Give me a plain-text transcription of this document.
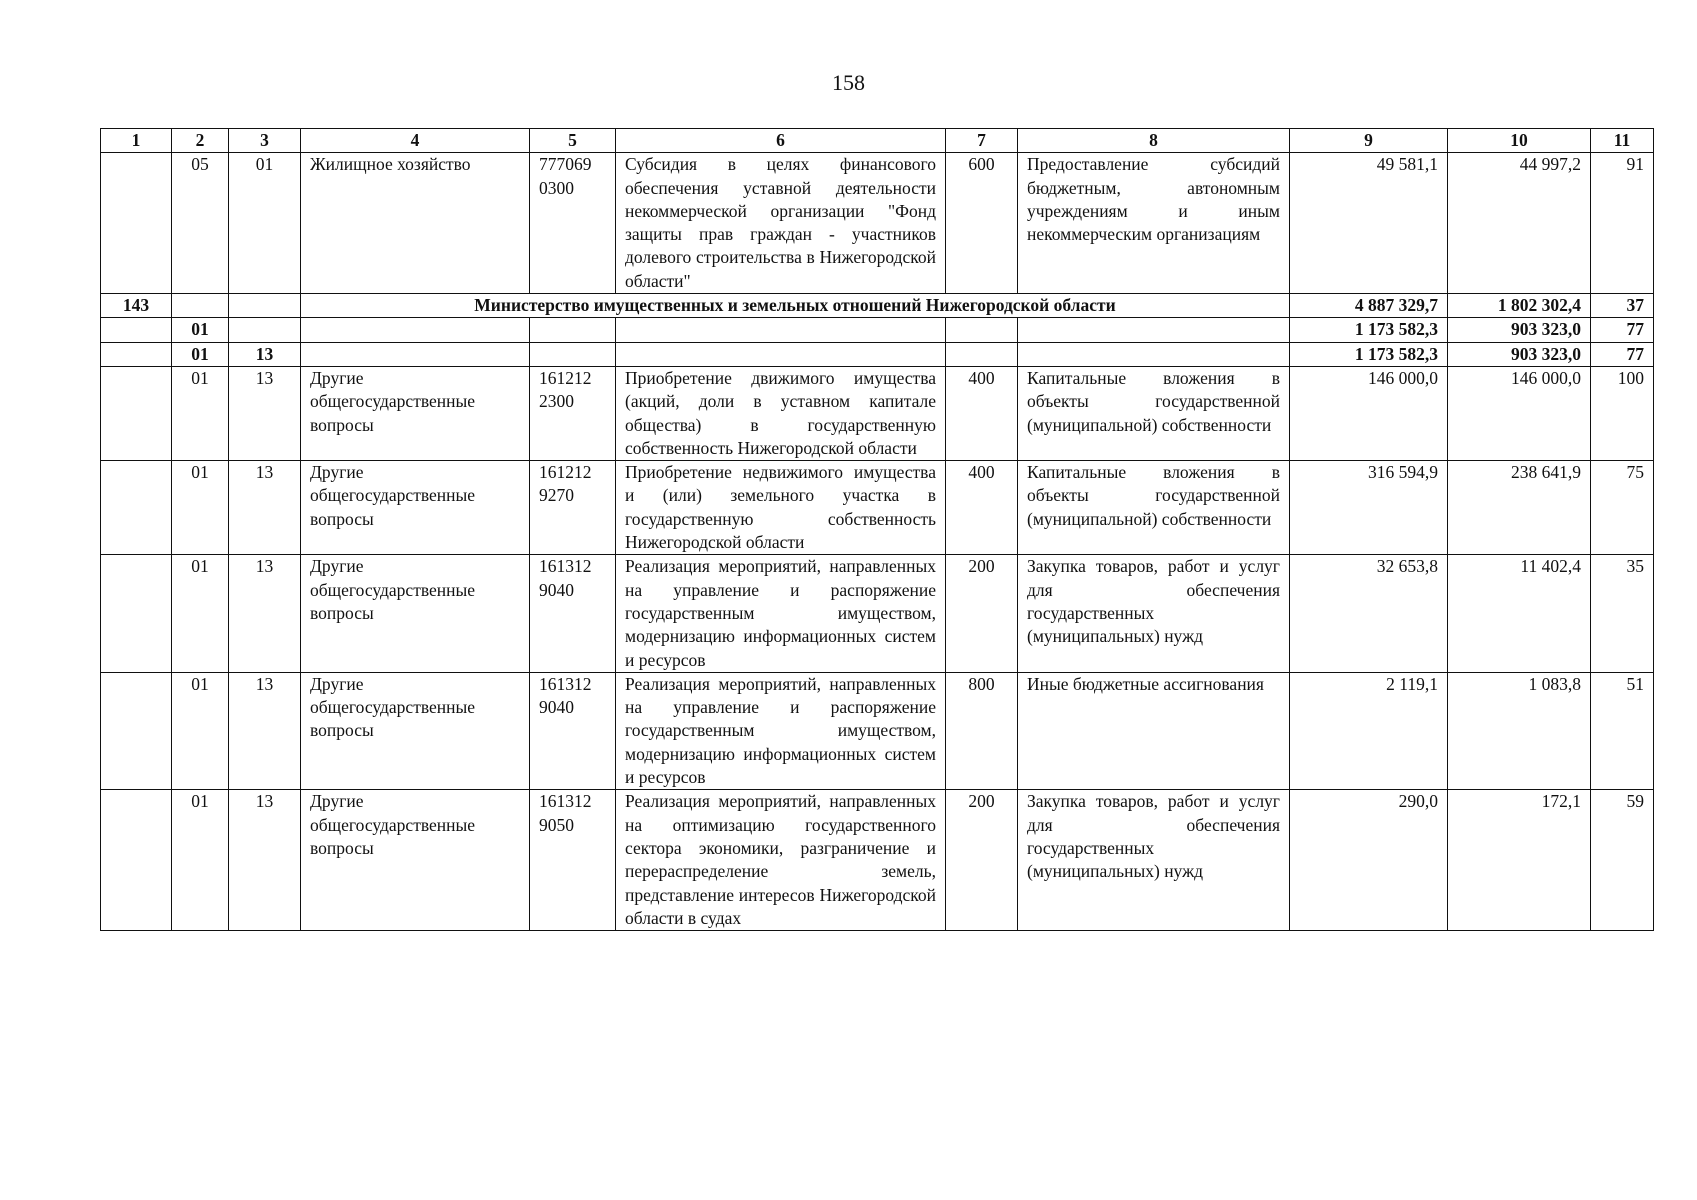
158
1	2	3	4	5	6	7	8	9	10	11
	05	01	Жилищное хозяйство	777069 0300	Субсидия в целях финансового обеспечения уставной деятельности некоммерческой организации "Фонд защиты прав граждан - участников долевого строительства в Нижегородской области"	600	Предоставление субсидий бюджетным, автономным учреждениям и иным некоммерческим организациям	49 581,1	44 997,2	91
143			Министерство имущественных и земельных отношений Нижегородской области					4 887 329,7	1 802 302,4	37
	01							1 173 582,3	903 323,0	77
	01	13						1 173 582,3	903 323,0	77
	01	13	Другие общегосударственные вопросы	161212 2300	Приобретение движимого имущества (акций, доли в уставном капитале общества) в государственную собственность Нижегородской области	400	Капитальные вложения в объекты государственной (муниципальной) собственности	146 000,0	146 000,0	100
	01	13	Другие общегосударственные вопросы	161212 9270	Приобретение недвижимого имущества и (или) земельного участка в государственную собственность Нижегородской области	400	Капитальные вложения в объекты государственной (муниципальной) собственности	316 594,9	238 641,9	75
	01	13	Другие общегосударственные вопросы	161312 9040	Реализация мероприятий, направленных на управление и распоряжение государственным имуществом, модернизацию информационных систем и ресурсов	200	Закупка товаров, работ и услуг для обеспечения государственных (муниципальных) нужд	32 653,8	11 402,4	35
	01	13	Другие общегосударственные вопросы	161312 9040	Реализация мероприятий, направленных на управление и распоряжение государственным имуществом, модернизацию информационных систем и ресурсов	800	Иные бюджетные ассигнования	2 119,1	1 083,8	51
	01	13	Другие общегосударственные вопросы	161312 9050	Реализация мероприятий, направленных на оптимизацию государственного сектора экономики, разграничение и перераспределение земель, представление интересов Нижегородской области в судах	200	Закупка товаров, работ и услуг для обеспечения государственных (муниципальных) нужд	290,0	172,1	59
